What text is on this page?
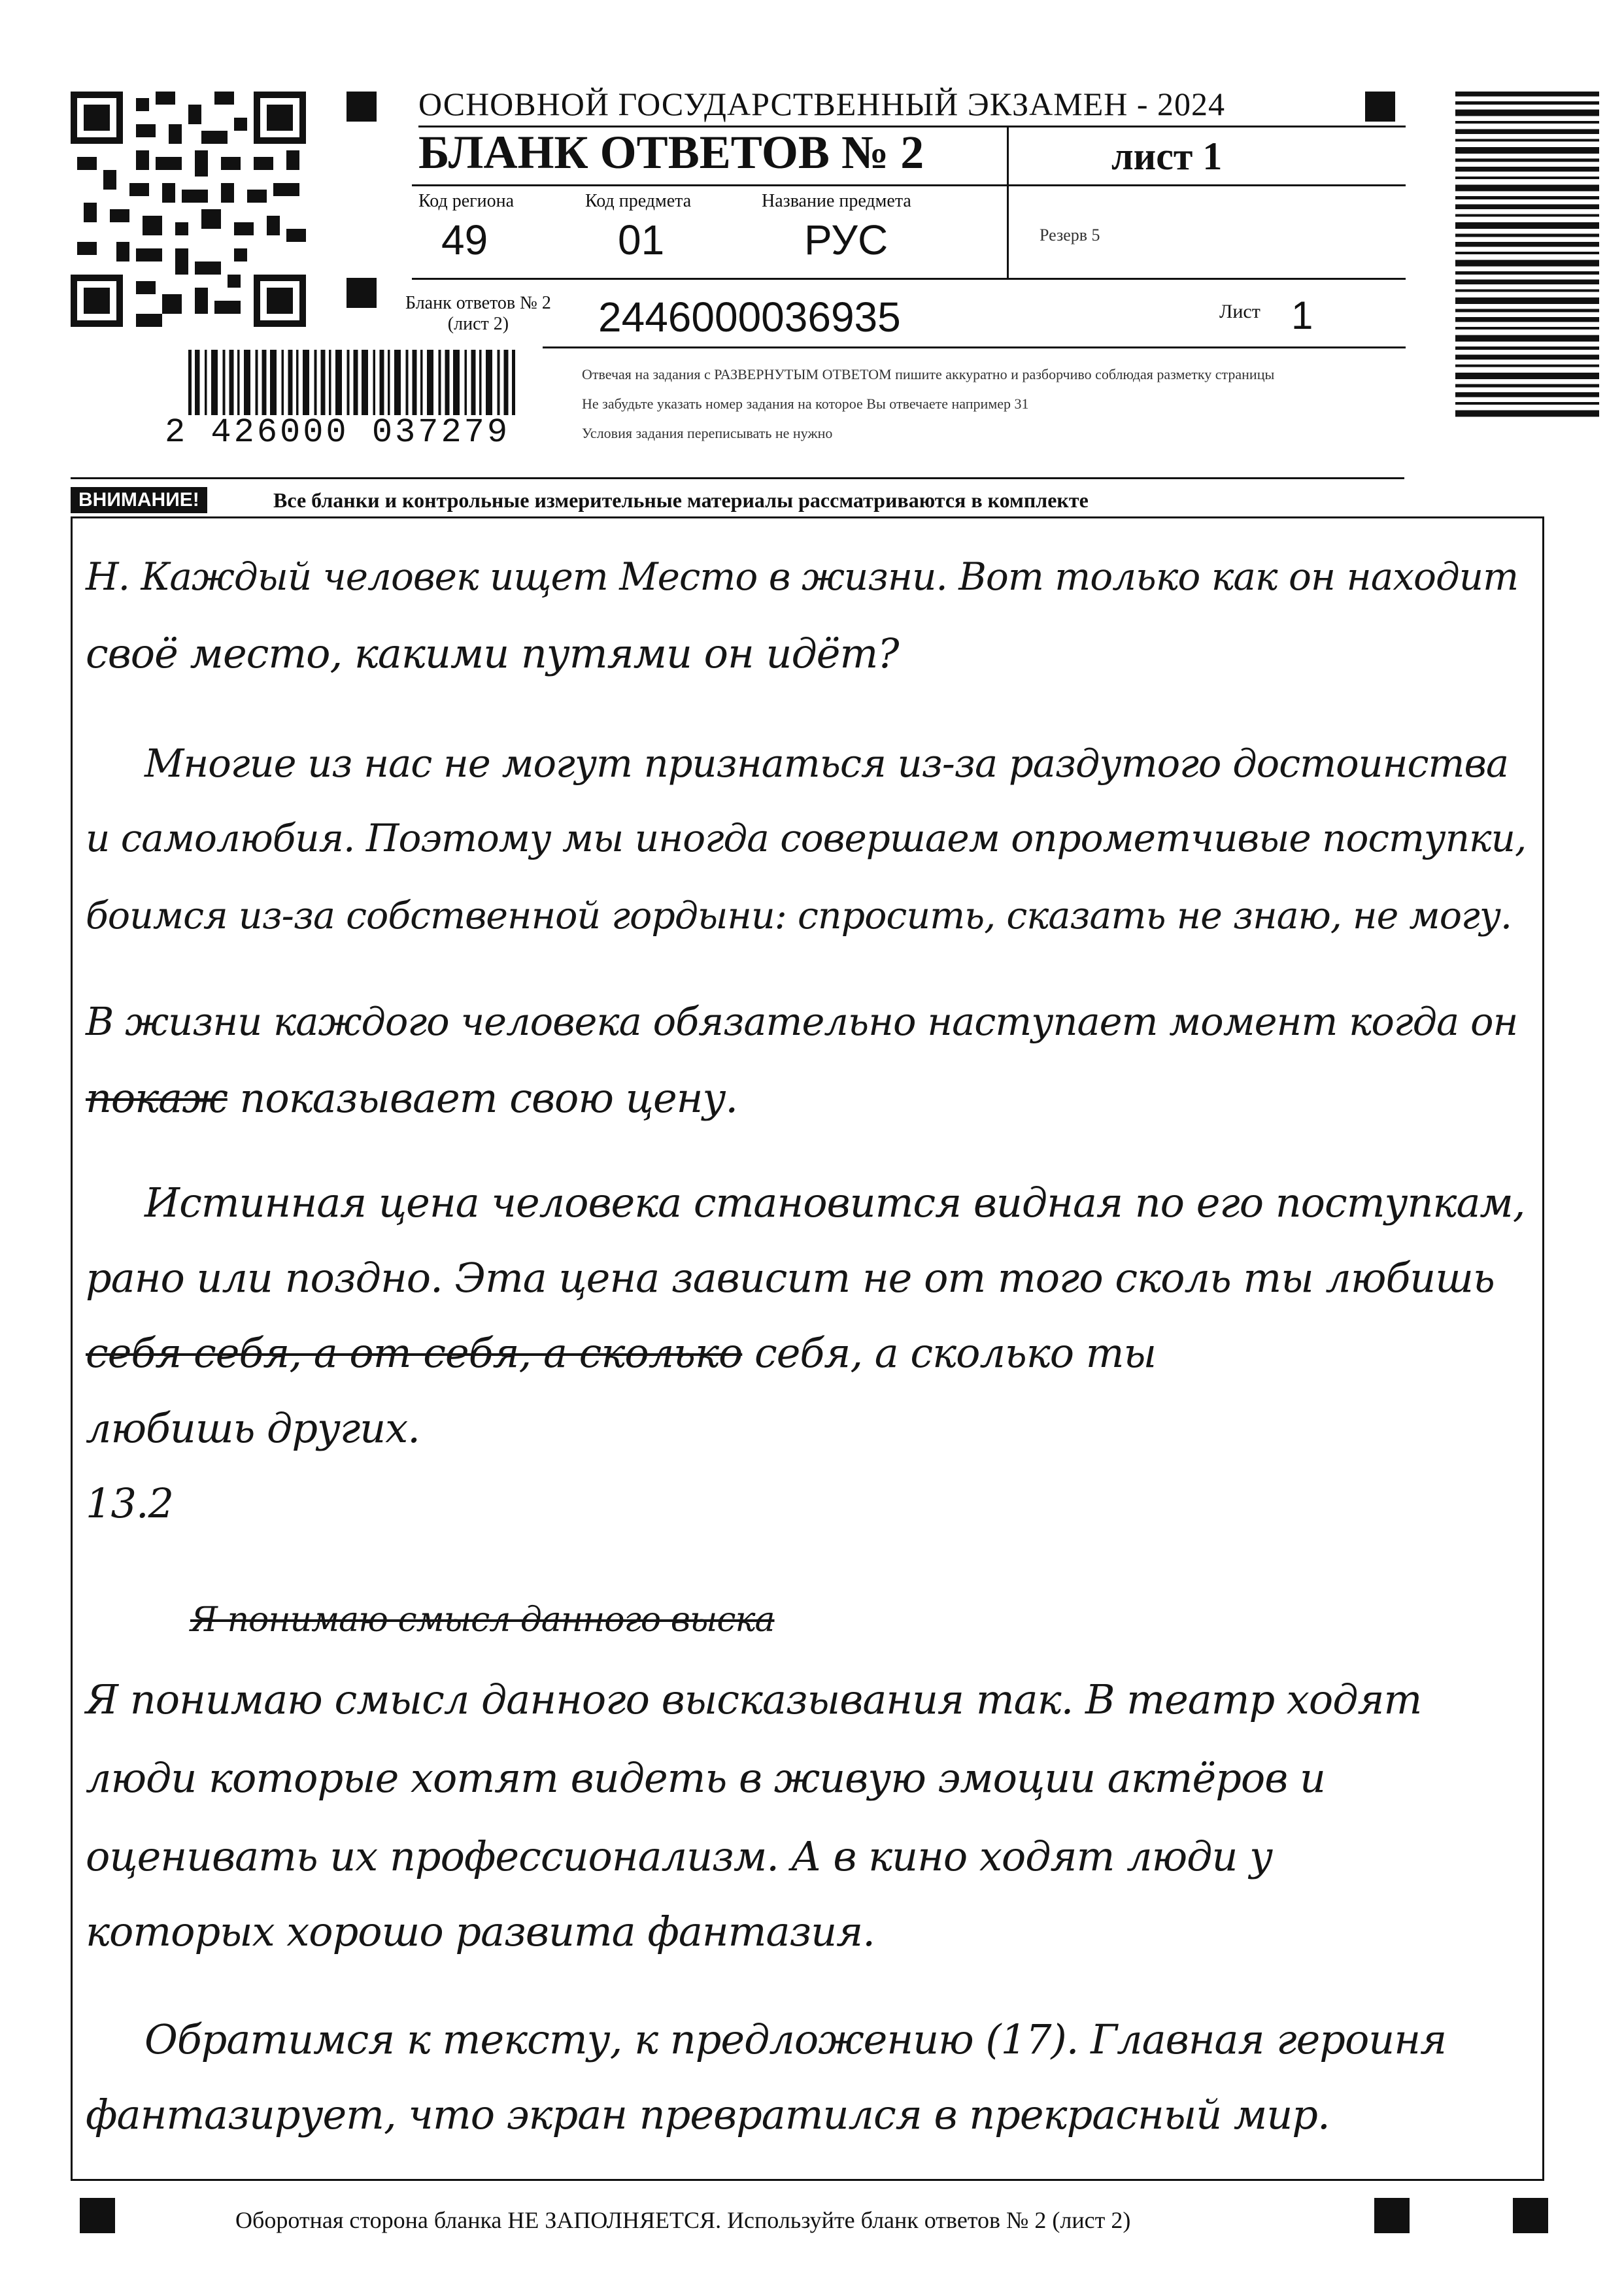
2 426000 037279
ОСНОВНОЙ ГОСУДАРСТВЕННЫЙ ЭКЗАМЕН - 2024
БЛАНК ОТВЕТОВ № 2	лист 1
Код региона	Код предмета	Название предмета
49	01	РУС	Резерв 5
Бланк ответов № 2
(лист 2)	2446000036935	Лист 1
Отвечая на задания с РАЗВЕРНУТЫМ ОТВЕТОМ пишите аккуратно и разборчиво соблюдая разметку страницы
Не забудьте указать номер задания на которое Вы отвечаете например 31
Условия задания переписывать не нужно
ВНИМАНИЕ!	Все бланки и контрольные измерительные материалы рассматриваются в комплекте
Н. Каждый человек ищет Место в жизни. Вот только как он находит
своё место, какими путями он идёт?
Многие из нас не могут признаться из-за раздутого достоинства
и самолюбия. Поэтому мы иногда совершаем опрометчивые поступки,
боимся из-за собственной гордыни: спросить, сказать не знаю, не могу.
В жизни каждого человека обязательно наступает момент когда он
покаж показывает свою цену.
Истинная цена человека становится видная по его поступкам,
рано или поздно. Эта цена зависит не от того сколь ты любишь
себя себя, а от себя, а сколько себя, а сколько ты
любишь других.
13.2
Я понимаю смысл данного выска
Я понимаю смысл данного высказывания так. В театр ходят
люди которые хотят видеть в живую эмоции актёров и
оценивать их профессионализм. А в кино ходят люди у
которых хорошо развита фантазия.
Обратимся к тексту, к предложению (17). Главная героиня
фантазирует, что экран превратился в прекрасный мир.
Оборотная сторона бланка НЕ ЗАПОЛНЯЕТСЯ. Используйте бланк ответов № 2 (лист 2)
